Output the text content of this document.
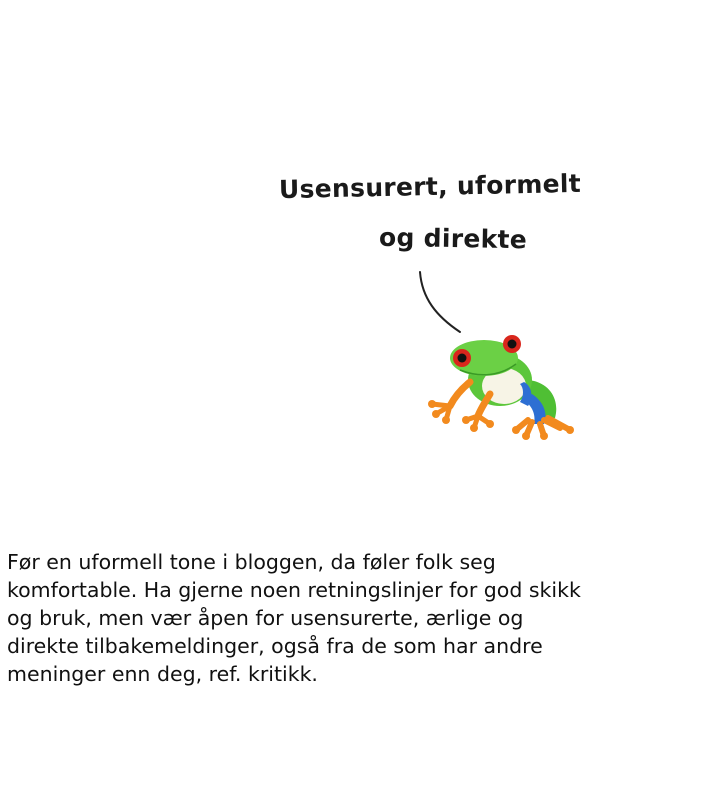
Usensurert, uformelt
og direkte

Før en uformell tone i bloggen, da føler folk seg
komfortable. Ha gjerne noen retningslinjer for god skikk
og bruk, men vær åpen for usensurerte, ærlige og
direkte tilbakemeldinger, også fra de som har andre
meninger enn deg, ref. kritikk.
